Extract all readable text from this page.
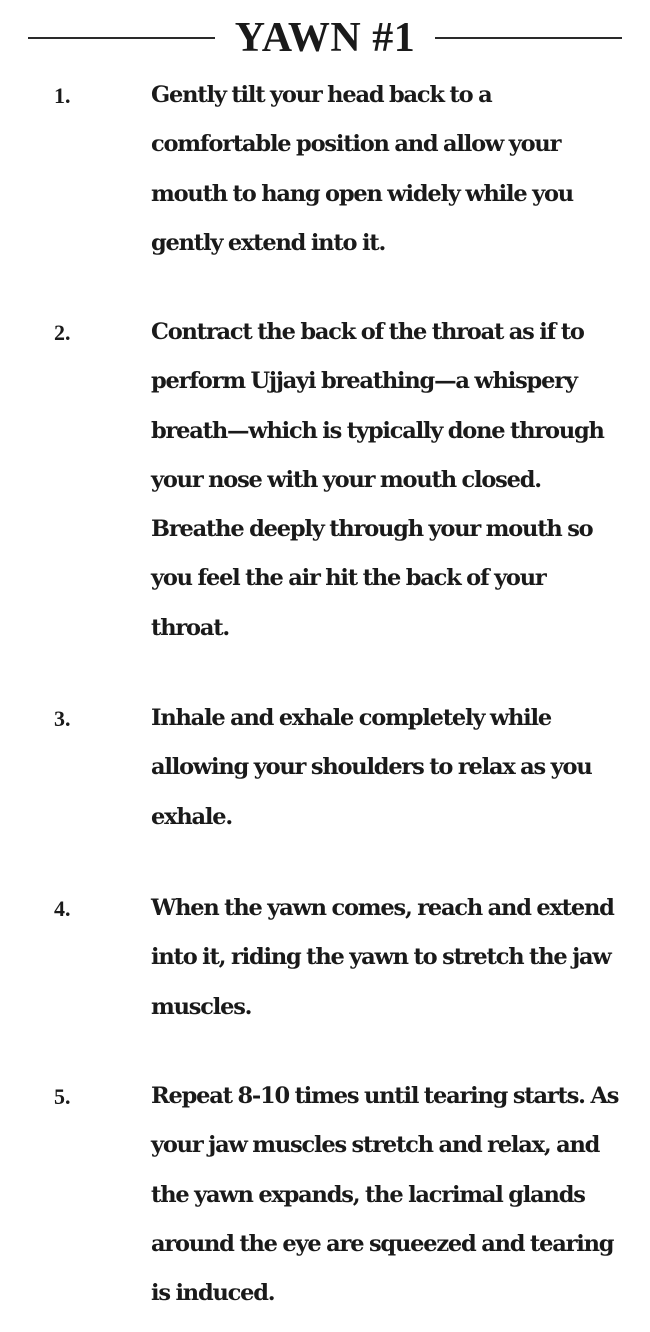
YAWN #1
1.	Gently tilt your head back to a comfortable position and allow your mouth to hang open widely while you gently extend into it.
2.	Contract the back of the throat as if to perform Ujjayi breathing—a whispery breath—which is typically done through your nose with your mouth closed. Breathe deeply through your mouth so you feel the air hit the back of your throat.
3.	Inhale and exhale completely while allowing your shoulders to relax as you exhale.
4.	When the yawn comes, reach and extend into it, riding the yawn to stretch the jaw muscles.
5.	Repeat 8-10 times until tearing starts. As your jaw muscles stretch and relax, and the yawn expands, the lacrimal glands around the eye are squeezed and tearing is induced.
